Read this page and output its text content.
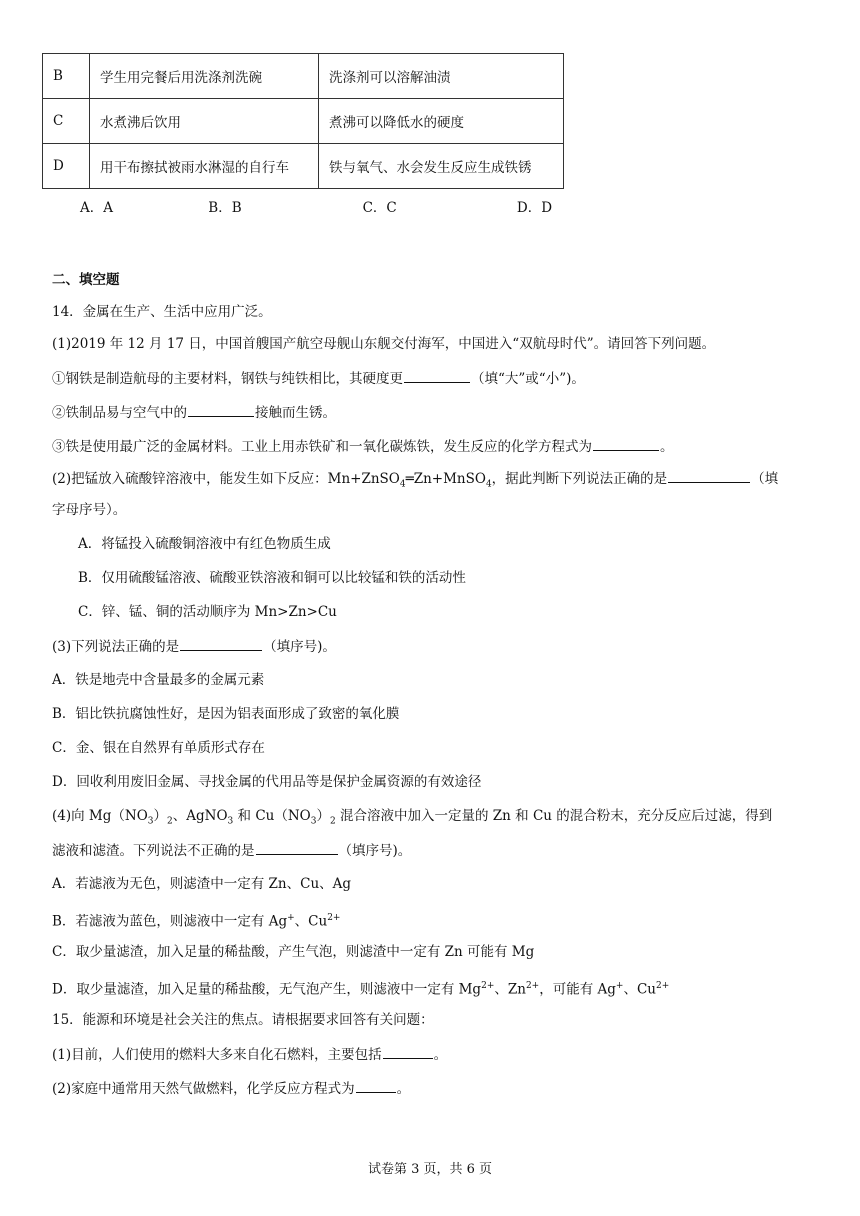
B	学生用完餐后用洗涤剂洗碗	洗涤剂可以溶解油渍
C	水煮沸后饮用	煮沸可以降低水的硬度
D	用干布擦拭被雨水淋湿的自行车	铁与氧气、水会发生反应生成铁锈
A．A	B．B	C．C	D．D
二、填空题
14．金属在生产、生活中应用广泛。
(1)2019 年 12 月 17 日，中国首艘国产航空母舰山东舰交付海军，中国进入“双航母时代”。请回答下列问题。
①钢铁是制造航母的主要材料，钢铁与纯铁相比，其硬度更	（填“大”或“小”)。
②铁制品易与空气中的	接触而生锈。
③铁是使用最广泛的金属材料。工业上用赤铁矿和一氧化碳炼铁，发生反应的化学方程式为	。
(2)把锰放入硫酸锌溶液中，能发生如下反应：Mn+ZnSO$_4$═Zn+MnSO$_4$，据此判断下列说法正确的是	（填
字母序号）。
A．将锰投入硫酸铜溶液中有红色物质生成
B．仅用硫酸锰溶液、硫酸亚铁溶液和铜可以比较锰和铁的活动性
C．锌、锰、铜的活动顺序为 Mn>Zn>Cu
(3)下列说法正确的是	（填序号)。
A．铁是地壳中含量最多的金属元素
B．铝比铁抗腐蚀性好，是因为铝表面形成了致密的氧化膜
C．金、银在自然界有单质形式存在
D．回收利用废旧金属、寻找金属的代用品等是保护金属资源的有效途径
(4)向 $Mg(NO_3)_2$、AgNO$_3$ 和 $Cu(NO_3)_2$ 混合溶液中加入一定量的 Zn 和 Cu 的混合粉末，充分反应后过滤，得到
滤液和滤渣。下列说法不正确的是	（填序号)。
A．若滤液为无色，则滤渣中一定有 Zn、Cu、Ag
B．若滤液为蓝色，则滤液中一定有 Ag+、$Cu^{2+}$
C．取少量滤渣，加入足量的稀盐酸，产生气泡，则滤渣中一定有 Zn 可能有 Mg
D．取少量滤渣，加入足量的稀盐酸，无气泡产生，则滤液中一定有 $Mg^{2+}$、$Zn^{2+}$，可能有 Ag+、$Cu^{2+}$
15．能源和环境是社会关注的焦点。请根据要求回答有关问题：
(1)目前，人们使用的燃料大多来自化石燃料，主要包括	。
(2)家庭中通常用天然气做燃料，化学反应方程式为	。
试卷第 3 页，共 6 页
